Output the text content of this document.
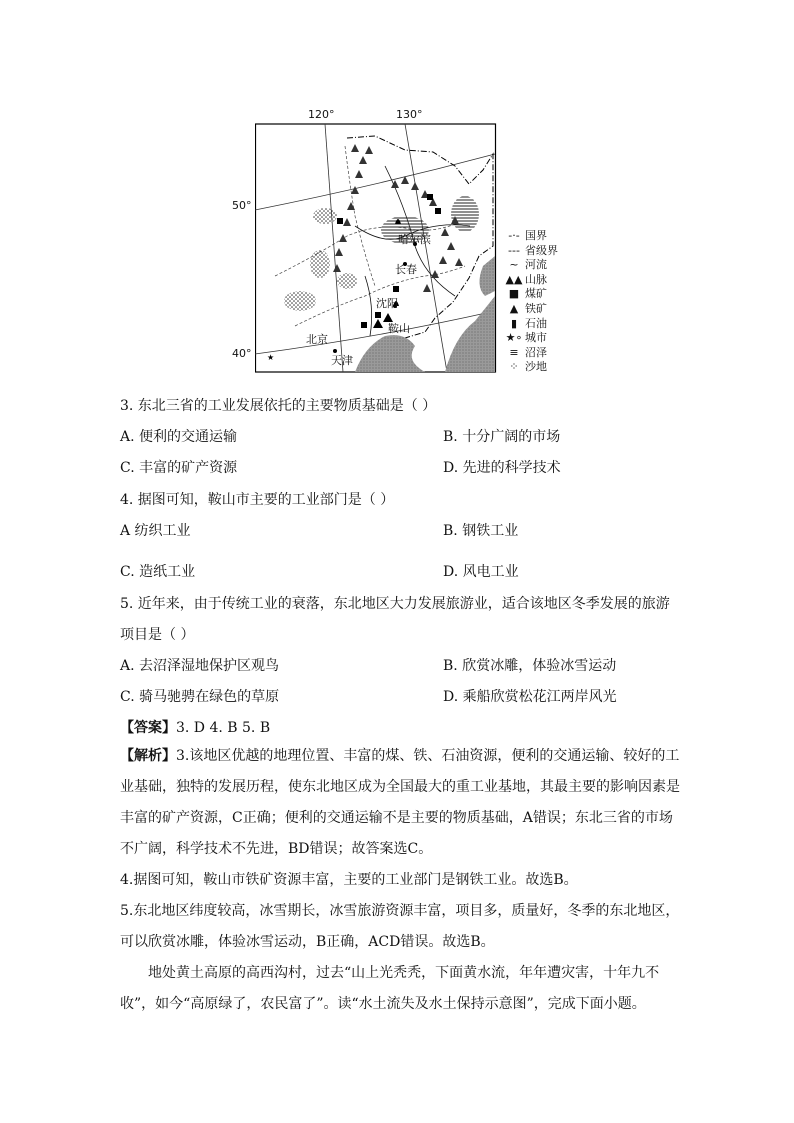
★
120°	130°
50°
40°
哈尔滨
长春
沈阳
鞍山
北京
天津
-·- 国界
--- 省级界
~ 河流
▲▲ 山脉
■ 煤矿
▲ 铁矿
▮ 石油
★∘ 城市
≡ 沼泽
⁘ 沙地
3. 东北三省的工业发展依托的主要物质基础是（ ）
A. 便利的交通运输	B. 十分广阔的市场
C. 丰富的矿产资源	D. 先进的科学技术
4. 据图可知，鞍山市主要的工业部门是（ ）
A 纺织工业	B. 钢铁工业
C. 造纸工业	D. 风电工业
5. 近年来，由于传统工业的衰落，东北地区大力发展旅游业，适合该地区冬季发展的旅游
项目是（ ）
A. 去沼泽湿地保护区观鸟	B. 欣赏冰雕，体验冰雪运动
C. 骑马驰骋在绿色的草原	D. 乘船欣赏松花江两岸风光
【答案】3. D 4. B 5. B
【解析】3.该地区优越的地理位置、丰富的煤、铁、石油资源，便利的交通运输、较好的工业基础，独特的发展历程，使东北地区成为全国最大的重工业基地，其最主要的影响因素是丰富的矿产资源，C正确；便利的交通运输不是主要的物质基础，A错误；东北三省的市场不广阔，科学技术不先进，BD错误；故答案选C。
4.据图可知，鞍山市铁矿资源丰富，主要的工业部门是钢铁工业。故选B。
5.东北地区纬度较高，冰雪期长，冰雪旅游资源丰富，项目多，质量好，冬季的东北地区，可以欣赏冰雕，体验冰雪运动，B正确，ACD错误。故选B。
地处黄土高原的高西沟村，过去“山上光秃秃，下面黄水流，年年遭灾害，十年九不收”，如今“高原绿了，农民富了”。读“水土流失及水土保持示意图”，完成下面小题。
